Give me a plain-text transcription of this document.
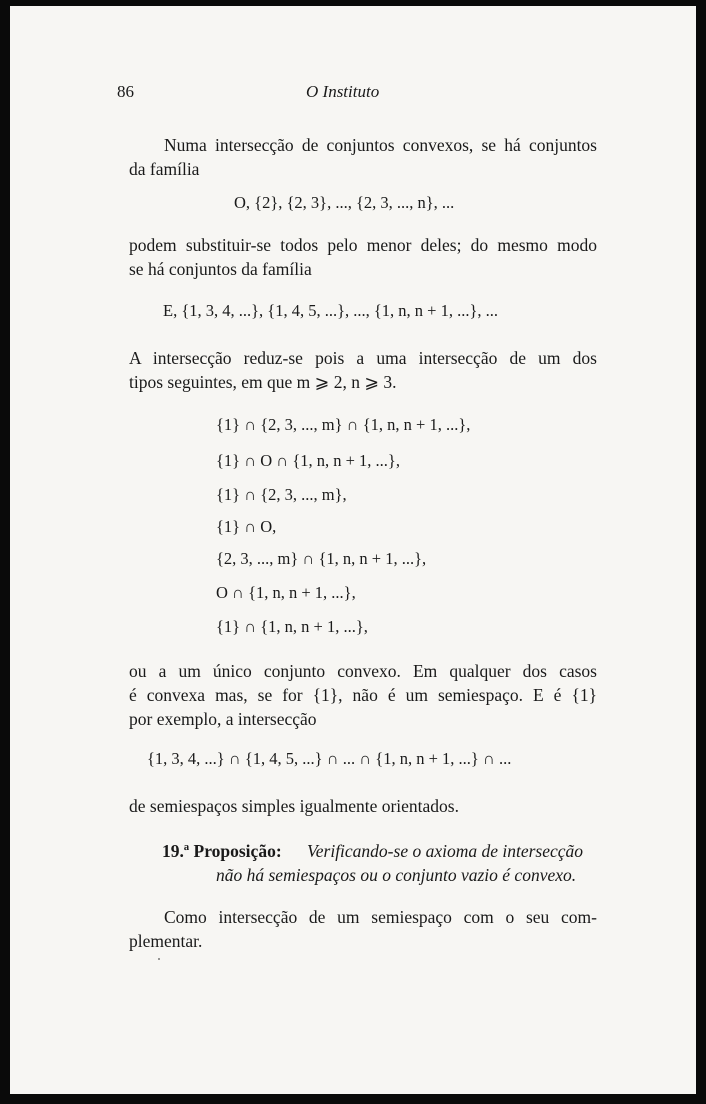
86	O Instituto
Numa intersecção de conjuntos convexos, se há conjuntos
da família
O, {2}, {2, 3}, ..., {2, 3, ..., n}, ...
podem substituir-se todos pelo menor deles; do mesmo modo
se há conjuntos da família
E, {1, 3, 4, ...}, {1, 4, 5, ...}, ..., {1, n, n + 1, ...}, ...
A intersecção reduz-se pois a uma intersecção de um dos
tipos seguintes, em que m ⩾ 2, n ⩾ 3.
{1} ∩ {2, 3, ..., m} ∩ {1, n, n + 1, ...},
{1} ∩ O ∩ {1, n, n + 1, ...},
{1} ∩ {2, 3, ..., m},
{1} ∩ O,
{2, 3, ..., m} ∩ {1, n, n + 1, ...},
O ∩ {1, n, n + 1, ...},
{1} ∩ {1, n, n + 1, ...},
ou a um único conjunto convexo. Em qualquer dos casos
é convexa mas, se for {1}, não é um semiespaço. E é {1}
por exemplo, a intersecção
{1, 3, 4, ...} ∩ {1, 4, 5, ...} ∩ ... ∩ {1, n, n + 1, ...} ∩ ...
de semiespaços simples igualmente orientados.
19.ª Proposição: Verificando-se o axioma de intersecção
não há semiespaços ou o conjunto vazio é convexo.
Como intersecção de um semiespaço com o seu com-
plementar.
